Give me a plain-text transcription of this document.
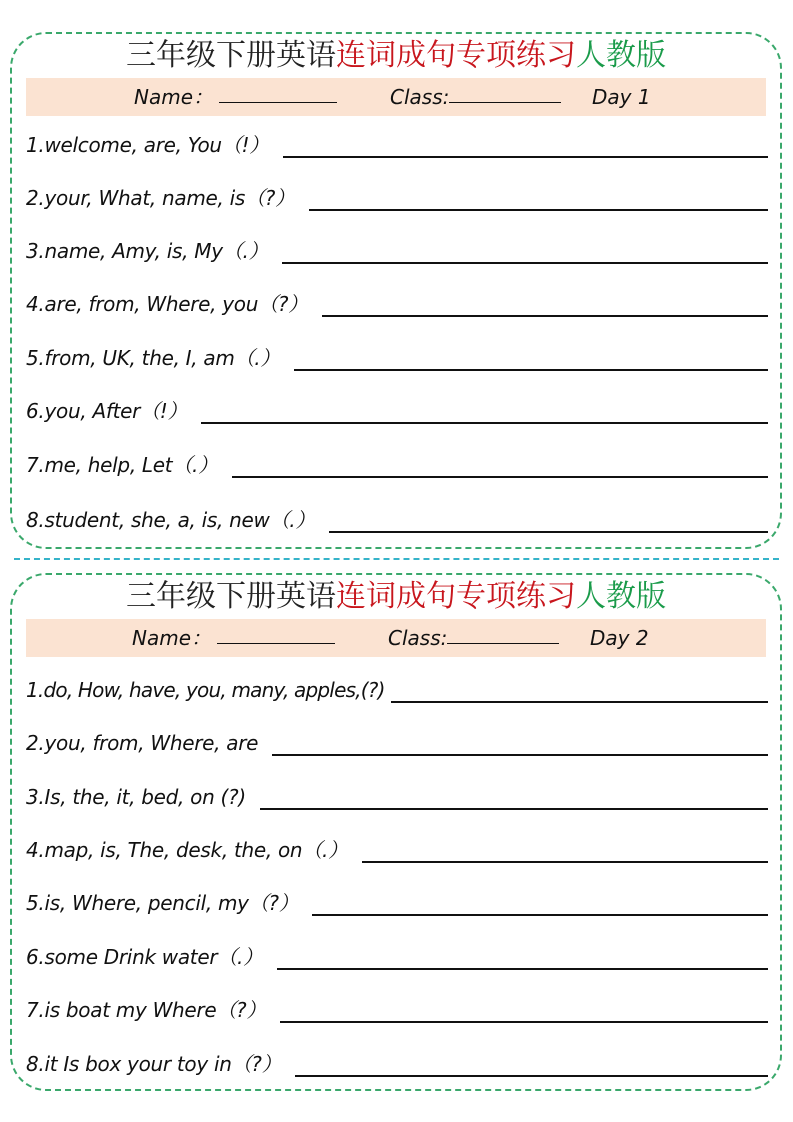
三年级下册英语连词成句专项练习人教版
Name：	Class:	Day 1
1.welcome, are, You（!）
2.your, What, name, is（?）
3.name, Amy, is, My（.）
4.are, from, Where, you（?）
5.from, UK, the, I, am（.）
6.you, After（!）
7.me, help, Let（.）
8.student, she, a, is, new（.）
三年级下册英语连词成句专项练习人教版
Name：	Class:	Day 2
1.do, How, have, you, many, apples,(?)
2.you, from, Where, are
3.Is, the, it, bed, on (?)
4.map, is, The, desk, the, on（.）
5.is, Where, pencil, my（?）
6.some Drink water（.）
7.is boat my Where（?）
8.it Is box your toy in（?）
